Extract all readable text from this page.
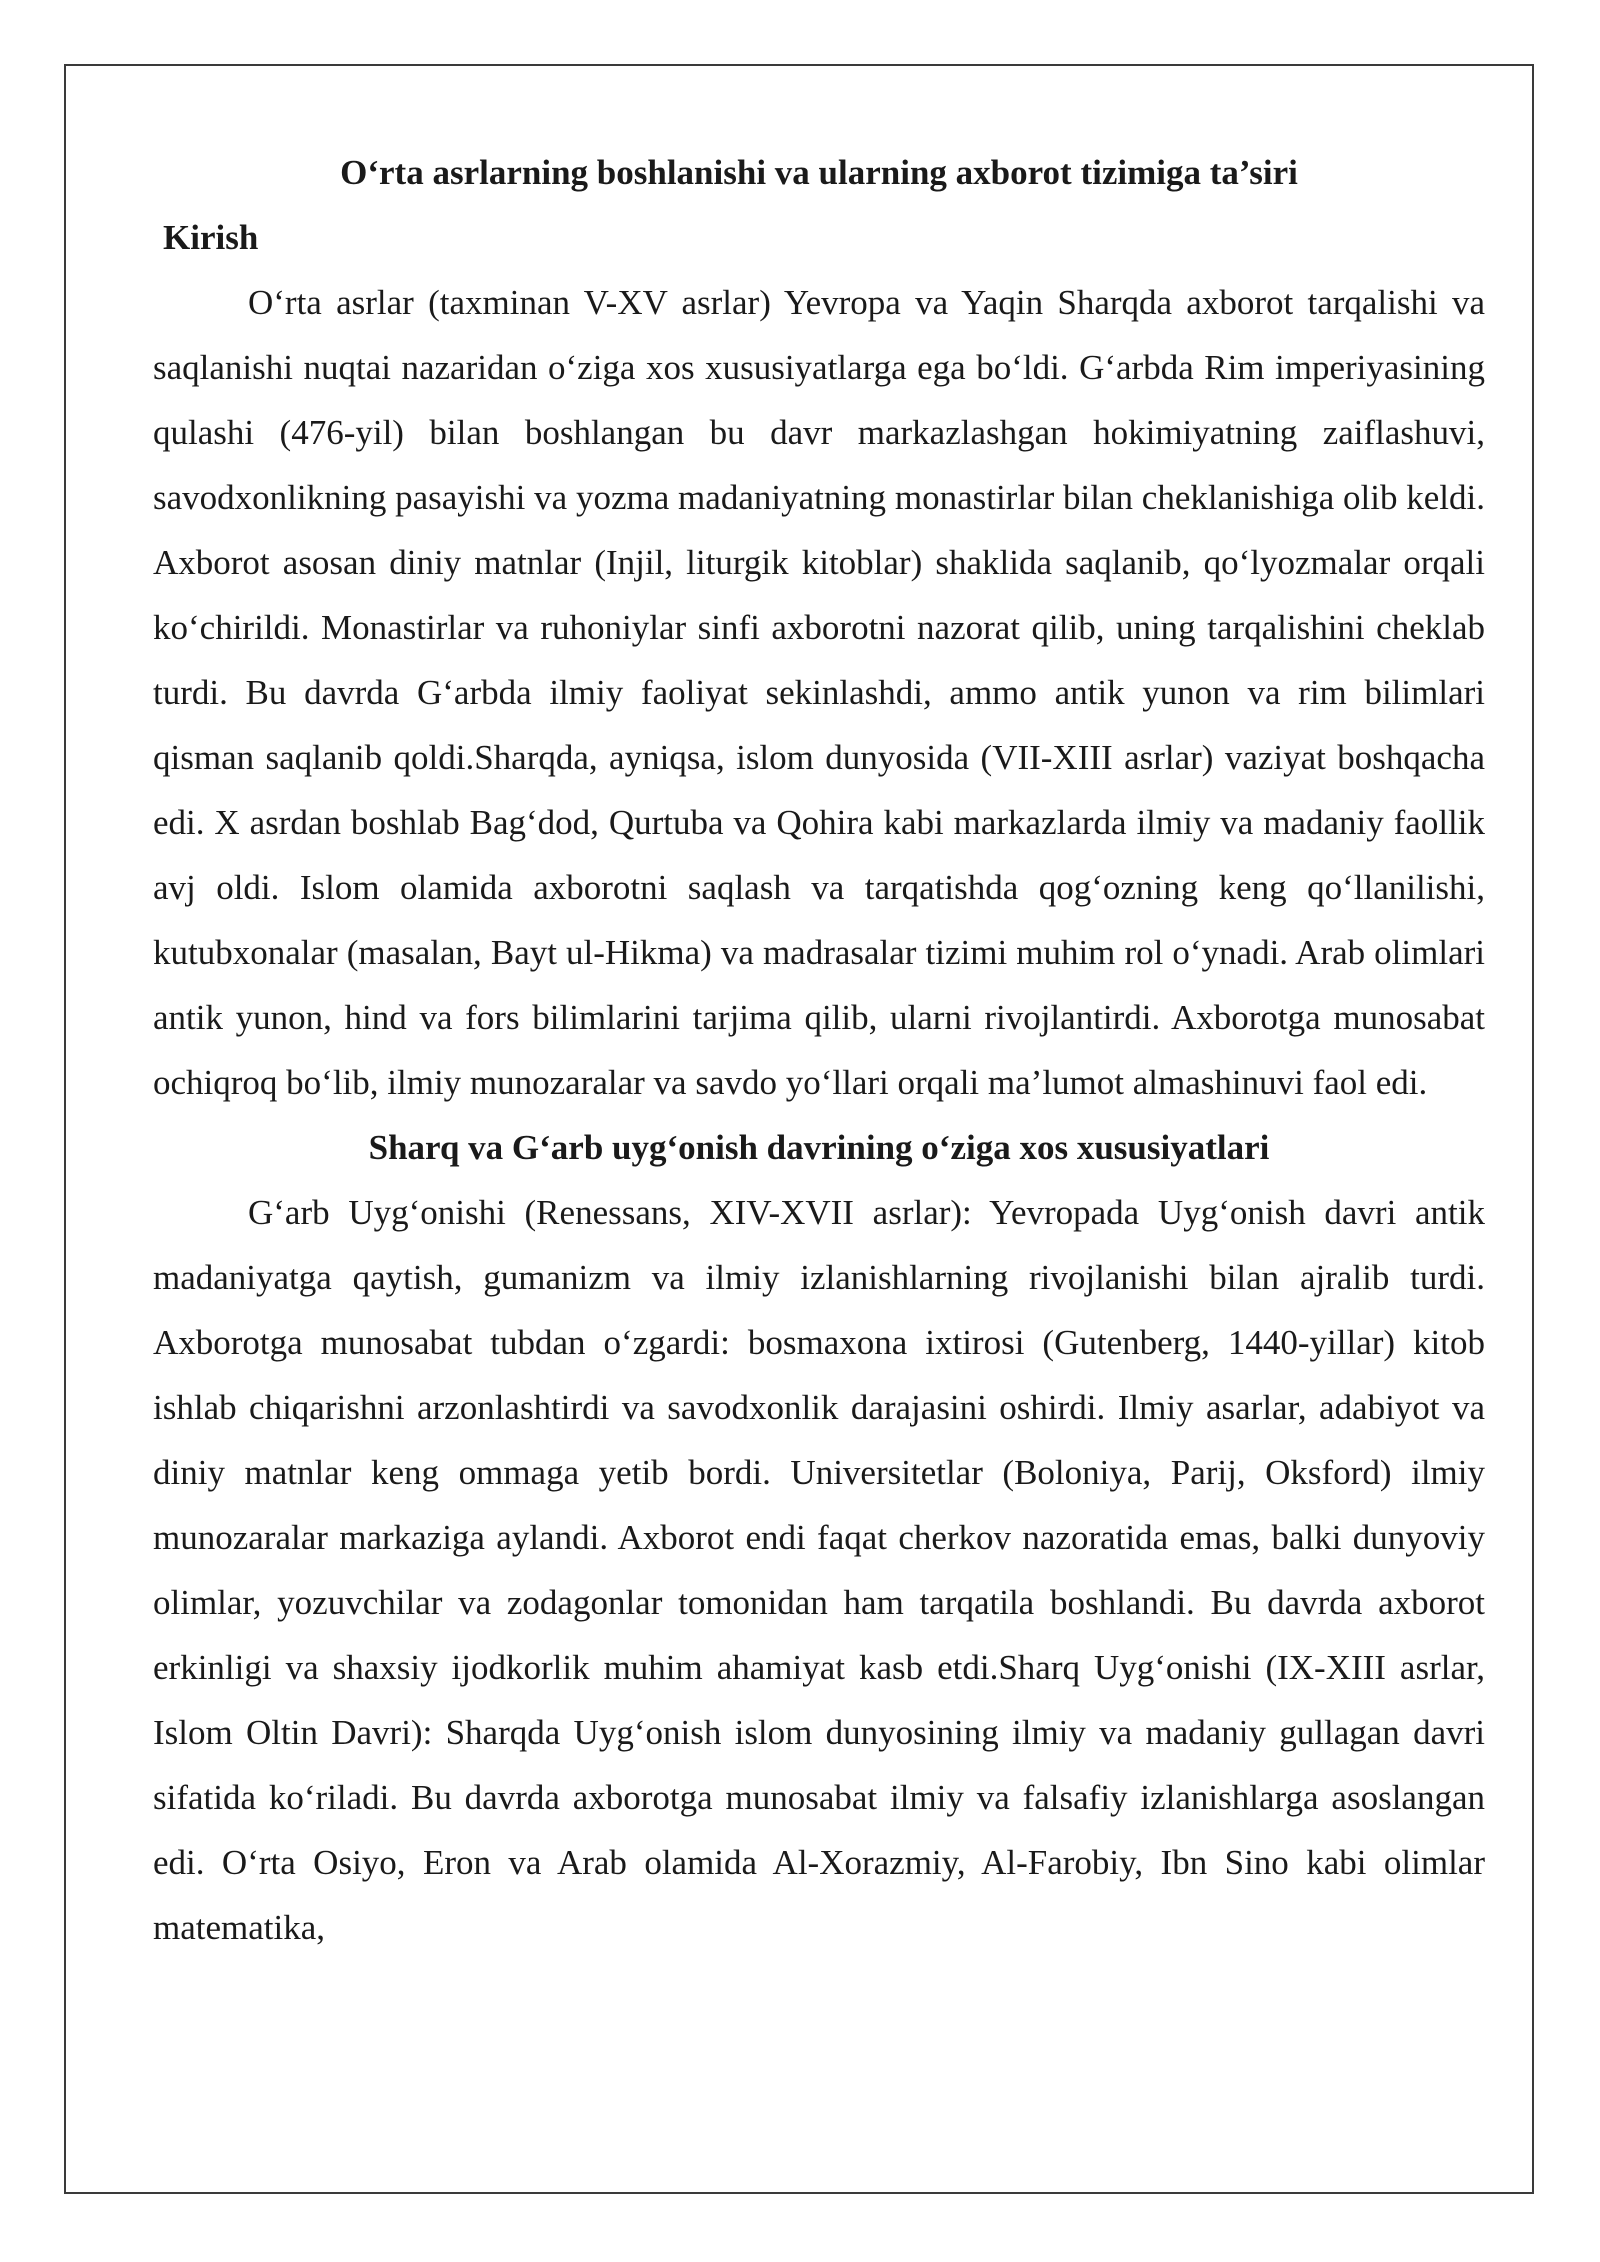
O‘rta asrlarning boshlanishi va ularning axborot tizimiga ta’siri

Kirish

O‘rta asrlar (taxminan V-XV asrlar) Yevropa va Yaqin Sharqda axborot tarqalishi va saqlanishi nuqtai nazaridan o‘ziga xos xususiyatlarga ega bo‘ldi. G‘arbda Rim imperiyasining qulashi (476-yil) bilan boshlangan bu davr markazlashgan hokimiyatning zaiflashuvi, savodxonlikning pasayishi va yozma madaniyatning monastirlar bilan cheklanishiga olib keldi. Axborot asosan diniy matnlar (Injil, liturgik kitoblar) shaklida saqlanib, qo‘lyozmalar orqali ko‘chirildi. Monastirlar va ruhoniylar sinfi axborotni nazorat qilib, uning tarqalishini cheklab turdi. Bu davrda G‘arbda ilmiy faoliyat sekinlashdi, ammo antik yunon va rim bilimlari qisman saqlanib qoldi.Sharqda, ayniqsa, islom dunyosida (VII-XIII asrlar) vaziyat boshqacha edi. X asrdan boshlab Bag‘dod, Qurtuba va Qohira kabi markazlarda ilmiy va madaniy faollik avj oldi. Islom olamida axborotni saqlash va tarqatishda qog‘ozning keng qo‘llanilishi, kutubxonalar (masalan, Bayt ul-Hikma) va madrasalar tizimi muhim rol o‘ynadi. Arab olimlari antik yunon, hind va fors bilimlarini tarjima qilib, ularni rivojlantirdi. Axborotga munosabat ochiqroq bo‘lib, ilmiy munozaralar va savdo yo‘llari orqali ma’lumot almashinuvi faol edi.

Sharq va G‘arb uyg‘onish davrining o‘ziga xos xususiyatlari

G‘arb Uyg‘onishi (Renessans, XIV-XVII asrlar): Yevropada Uyg‘onish davri antik madaniyatga qaytish, gumanizm va ilmiy izlanishlarning rivojlanishi bilan ajralib turdi. Axborotga munosabat tubdan o‘zgardi: bosmaxona ixtirosi (Gutenberg, 1440-yillar) kitob ishlab chiqarishni arzonlashtirdi va savodxonlik darajasini oshirdi. Ilmiy asarlar, adabiyot va diniy matnlar keng ommaga yetib bordi. Universitetlar (Boloniya, Parij, Oksford) ilmiy munozaralar markaziga aylandi. Axborot endi faqat cherkov nazoratida emas, balki dunyoviy olimlar, yozuvchilar va zodagonlar tomonidan ham tarqatila boshlandi. Bu davrda axborot erkinligi va shaxsiy ijodkorlik muhim ahamiyat kasb etdi.Sharq Uyg‘onishi (IX-XIII asrlar, Islom Oltin Davri): Sharqda Uyg‘onish islom dunyosining ilmiy va madaniy gullagan davri sifatida ko‘riladi. Bu davrda axborotga munosabat ilmiy va falsafiy izlanishlarga asoslangan edi. O‘rta Osiyo, Eron va Arab olamida Al-Xorazmiy, Al-Farobiy, Ibn Sino kabi olimlar matematika,
